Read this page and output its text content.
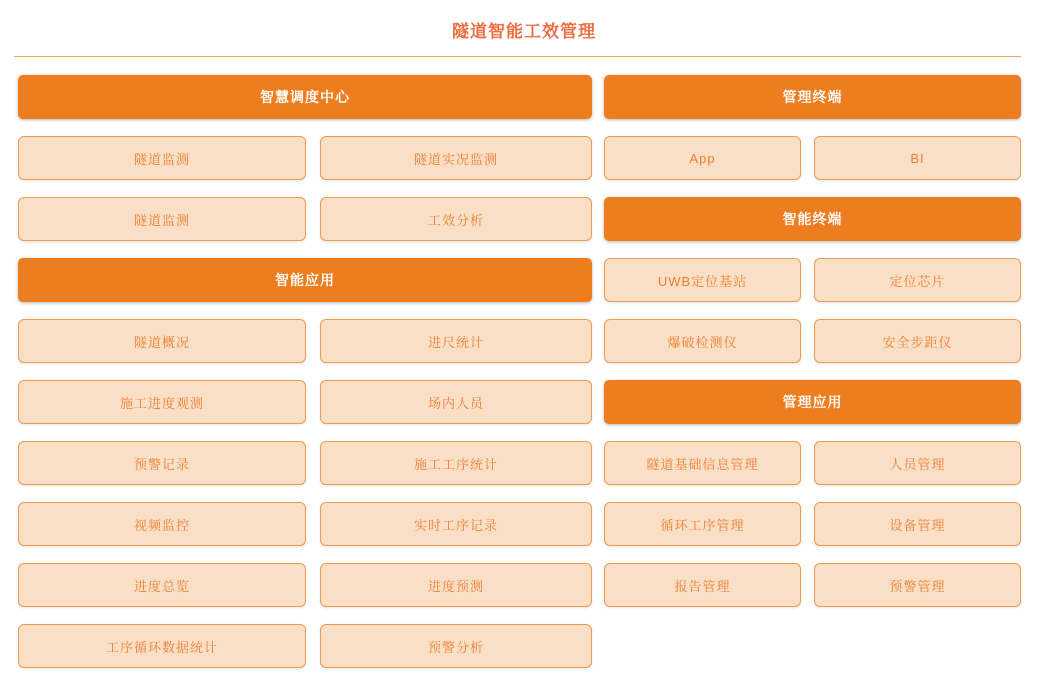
隧道智能工效管理
智慧调度中心
隧道监测	隧道实况监测
隧道监测	工效分析
智能应用
隧道概况	进尺统计
施工进度观测	场内人员
预警记录	施工工序统计
视频监控	实时工序记录
进度总览	进度预测
工序循环数据统计	预警分析
管理终端
App	BI
智能终端
UWB定位基站	定位芯片
爆破检测仪	安全步距仪
管理应用
隧道基础信息管理	人员管理
循环工序管理	设备管理
报告管理	预警管理
